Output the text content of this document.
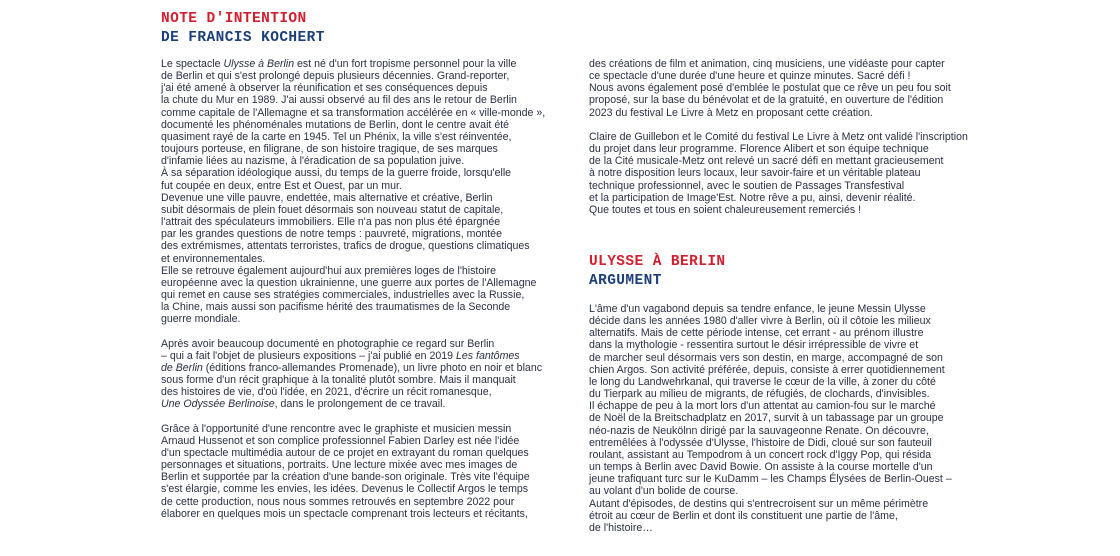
NOTE D'INTENTION
DE FRANCIS KOCHERT

Le spectacle Ulysse à Berlin est né d'un fort tropisme personnel pour la ville
de Berlin et qui s'est prolongé depuis plusieurs décennies. Grand-reporter,
j'ai été amené à observer la réunification et ses conséquences depuis
la chute du Mur en 1989. J'ai aussi observé au fil des ans le retour de Berlin
comme capitale de l'Allemagne et sa transformation accélérée en « ville-monde »,
documenté les phénoménales mutations de Berlin, dont le centre avait été
quasiment rayé de la carte en 1945. Tel un Phénix, la ville s'est réinventée,
toujours porteuse, en filigrane, de son histoire tragique, de ses marques
d'infamie liées au nazisme, à l'éradication de sa population juive.
À sa séparation idéologique aussi, du temps de la guerre froide, lorsqu'elle
fut coupée en deux, entre Est et Ouest, par un mur.
Devenue une ville pauvre, endettée, mais alternative et créative, Berlin
subit désormais de plein fouet désormais son nouveau statut de capitale,
l'attrait des spéculateurs immobiliers. Elle n'a pas non plus été épargnée
par les grandes questions de notre temps : pauvreté, migrations, montée
des extrémismes, attentats terroristes, trafics de drogue, questions climatiques
et environnementales.
Elle se retrouve également aujourd'hui aux premières loges de l'histoire
européenne avec la question ukrainienne, une guerre aux portes de l'Allemagne
qui remet en cause ses stratégies commerciales, industrielles avec la Russie,
la Chine, mais aussi son pacifisme hérité des traumatismes de la Seconde
guerre mondiale.

Après avoir beaucoup documenté en photographie ce regard sur Berlin
– qui a fait l'objet de plusieurs expositions – j'ai publié en 2019 Les fantômes
de Berlin (éditions franco-allemandes Promenade), un livre photo en noir et blanc
sous forme d'un récit graphique à la tonalité plutôt sombre. Mais il manquait
des histoires de vie, d'où l'idée, en 2021, d'écrire un récit romanesque,
Une Odyssée Berlinoise, dans le prolongement de ce travail.

Grâce à l'opportunité d'une rencontre avec le graphiste et musicien messin
Arnaud Hussenot et son complice professionnel Fabien Darley est née l'idée
d'un spectacle multimédia autour de ce projet en extrayant du roman quelques
personnages et situations, portraits. Une lecture mixée avec mes images de
Berlin et supportée par la création d'une bande-son originale. Très vite l'équipe
s'est élargie, comme les envies, les idées. Devenus le Collectif Argos le temps
de cette production, nous nous sommes retrouvés en septembre 2022 pour
élaborer en quelques mois un spectacle comprenant trois lecteurs et récitants,

des créations de film et animation, cinq musiciens, une vidéaste pour capter
ce spectacle d'une durée d'une heure et quinze minutes. Sacré défi !
Nous avons également posé d'emblée le postulat que ce rêve un peu fou soit
proposé, sur la base du bénévolat et de la gratuité, en ouverture de l'édition
2023 du festival Le Livre à Metz en proposant cette création.

Claire de Guillebon et le Comité du festival Le Livre à Metz ont validé l'inscription
du projet dans leur programme. Florence Alibert et son équipe technique
de la Cité musicale-Metz ont relevé un sacré défi en mettant gracieusement
à notre disposition leurs locaux, leur savoir-faire et un véritable plateau
technique professionnel, avec le soutien de Passages Transfestival
et la participation de Image'Est. Notre rêve a pu, ainsi, devenir réalité.
Que toutes et tous en soient chaleureusement remerciés !

ULYSSE À BERLIN
ARGUMENT

L'âme d'un vagabond depuis sa tendre enfance, le jeune Messin Ulysse
décide dans les années 1980 d'aller vivre à Berlin, où il côtoie les milieux
alternatifs. Mais de cette période intense, cet errant - au prénom illustre
dans la mythologie - ressentira surtout le désir irrépressible de vivre et
de marcher seul désormais vers son destin, en marge, accompagné de son
chien Argos. Son activité préférée, depuis, consiste à errer quotidiennement
le long du Landwehrkanal, qui traverse le cœur de la ville, à zoner du côté
du Tierpark au milieu de migrants, de réfugiés, de clochards, d'invisibles.
Il échappe de peu à la mort lors d'un attentat au camion-fou sur le marché
de Noël de la Breitschadplatz en 2017, survit à un tabassage par un groupe
néo-nazis de Neukölnn dirigé par la sauvageonne Renate. On découvre,
entremêlées à l'odyssée d'Ulysse, l'histoire de Didi, cloué sur son fauteuil
roulant, assistant au Tempodrom à un concert rock d'Iggy Pop, qui résida
un temps à Berlin avec David Bowie. On assiste à la course mortelle d'un
jeune trafiquant turc sur le KuDamm – les Champs Élysées de Berlin-Ouest –
au volant d'un bolide de course.
Autant d'épisodes, de destins qui s'entrecroisent sur un même périmètre
étroit au cœur de Berlin et dont ils constituent une partie de l'âme,
de l'histoire…
